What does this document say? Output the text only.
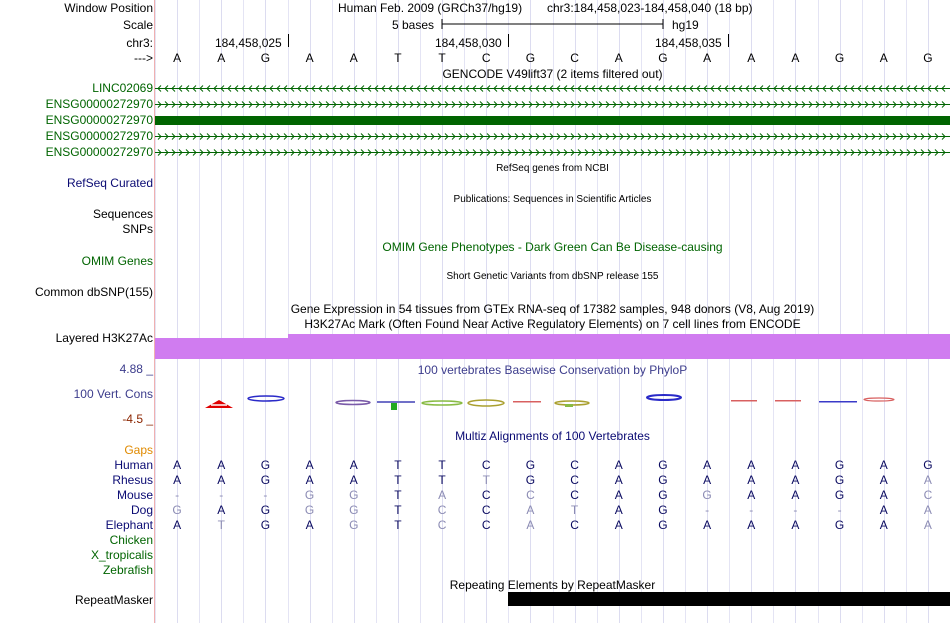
Window Position	Human Feb. 2009 (GRCh37/hg19) chr3:184,458,023-184,458,040 (18 bp)
Scale	5 bases	hg19
chr3:	184,458,025	184,458,030	184,458,035
--->	A	A	G	A	A	T	T	C	G	C	A	G	A	A	A	G	A	G
GENCODE V49lift37 (2 items filtered out)
LINC02069
ENSG00000272970
ENSG00000272970
ENSG00000272970
ENSG00000272970
RefSeq genes from NCBI
RefSeq Curated
Publications: Sequences in Scientific Articles
Sequences
SNPs
OMIM Gene Phenotypes - Dark Green Can Be Disease-causing
OMIM Genes
Short Genetic Variants from dbSNP release 155
Common dbSNP(155)
Gene Expression in 54 tissues from GTEx RNA-seq of 17382 samples, 948 donors (V8, Aug 2019)
H3K27Ac Mark (Often Found Near Active Regulatory Elements) on 7 cell lines from ENCODE
Layered H3K27Ac
4.88 _	100 vertebrates Basewise Conservation by PhyloP
100 Vert. Cons
-4.5 _
Multiz Alignments of 100 Vertebrates
Gaps
Human	A	A	G	A	A	T	T	C	G	C	A	G	A	A	A	G	A	G
Rhesus	A	A	G	A	A	T	T	T	G	C	A	G	A	A	A	G	A	A
Mouse	-	-	-	G	G	T	A	C	C	C	A	G	G	A	A	G	A	C
Dog	G	A	G	G	G	T	C	C	A	T	A	G	-	-	-	-	A	A
Elephant	A	T	G	A	G	T	C	C	A	C	A	G	A	A	A	G	A	A
Chicken
X_tropicalis
Zebrafish
Repeating Elements by RepeatMasker
RepeatMasker
